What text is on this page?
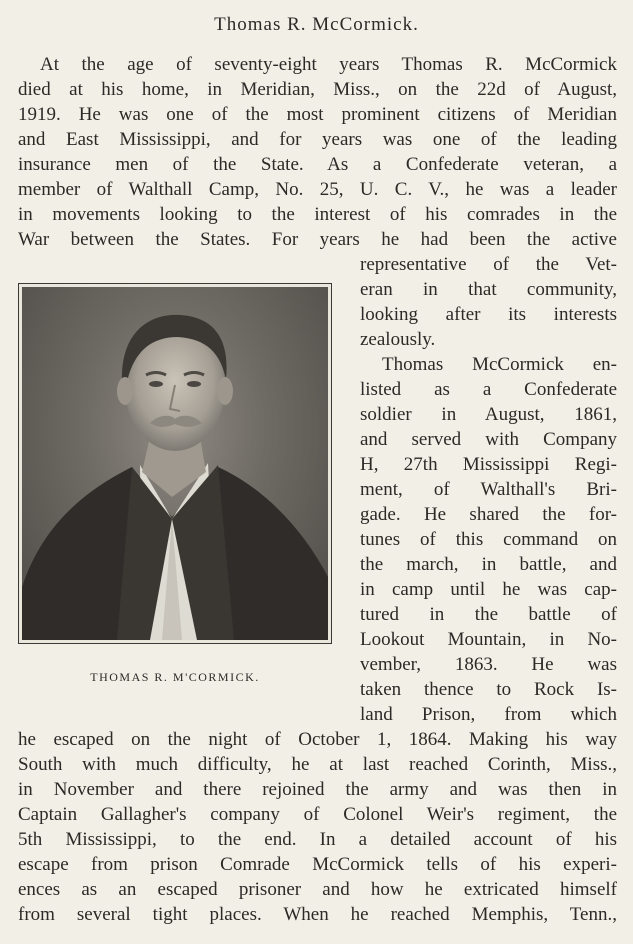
Thomas R. McCormick.
At the age of seventy-eight years Thomas R. McCormick
died at his home, in Meridian, Miss., on the 22d of August,
1919. He was one of the most prominent citizens of Meridian
and East Mississippi, and for years was one of the leading
insurance men of the State. As a Confederate veteran, a
member of Walthall Camp, No. 25, U. C. V., he was a leader
in movements looking to the interest of his comrades in the
War between the States. For years he had been the active
representative of the Vet-
eran in that community,
looking after its interests
zealously.
Thomas McCormick en-
listed as a Confederate
soldier in August, 1861,
and served with Company
H, 27th Mississippi Regi-
ment, of Walthall's Bri-
gade. He shared the for-
tunes of this command on
the march, in battle, and
in camp until he was cap-
tured in the battle of
Lookout Mountain, in No-
vember, 1863. He was
taken thence to Rock Is-
land Prison, from which
THOMAS R. M'CORMICK.
he escaped on the night of October 1, 1864. Making his way
South with much difficulty, he at last reached Corinth, Miss.,
in November and there rejoined the army and was then in
Captain Gallagher's company of Colonel Weir's regiment, the
5th Mississippi, to the end. In a detailed account of his
escape from prison Comrade McCormick tells of his experi-
ences as an escaped prisoner and how he extricated himself
from several tight places. When he reached Memphis, Tenn.,
